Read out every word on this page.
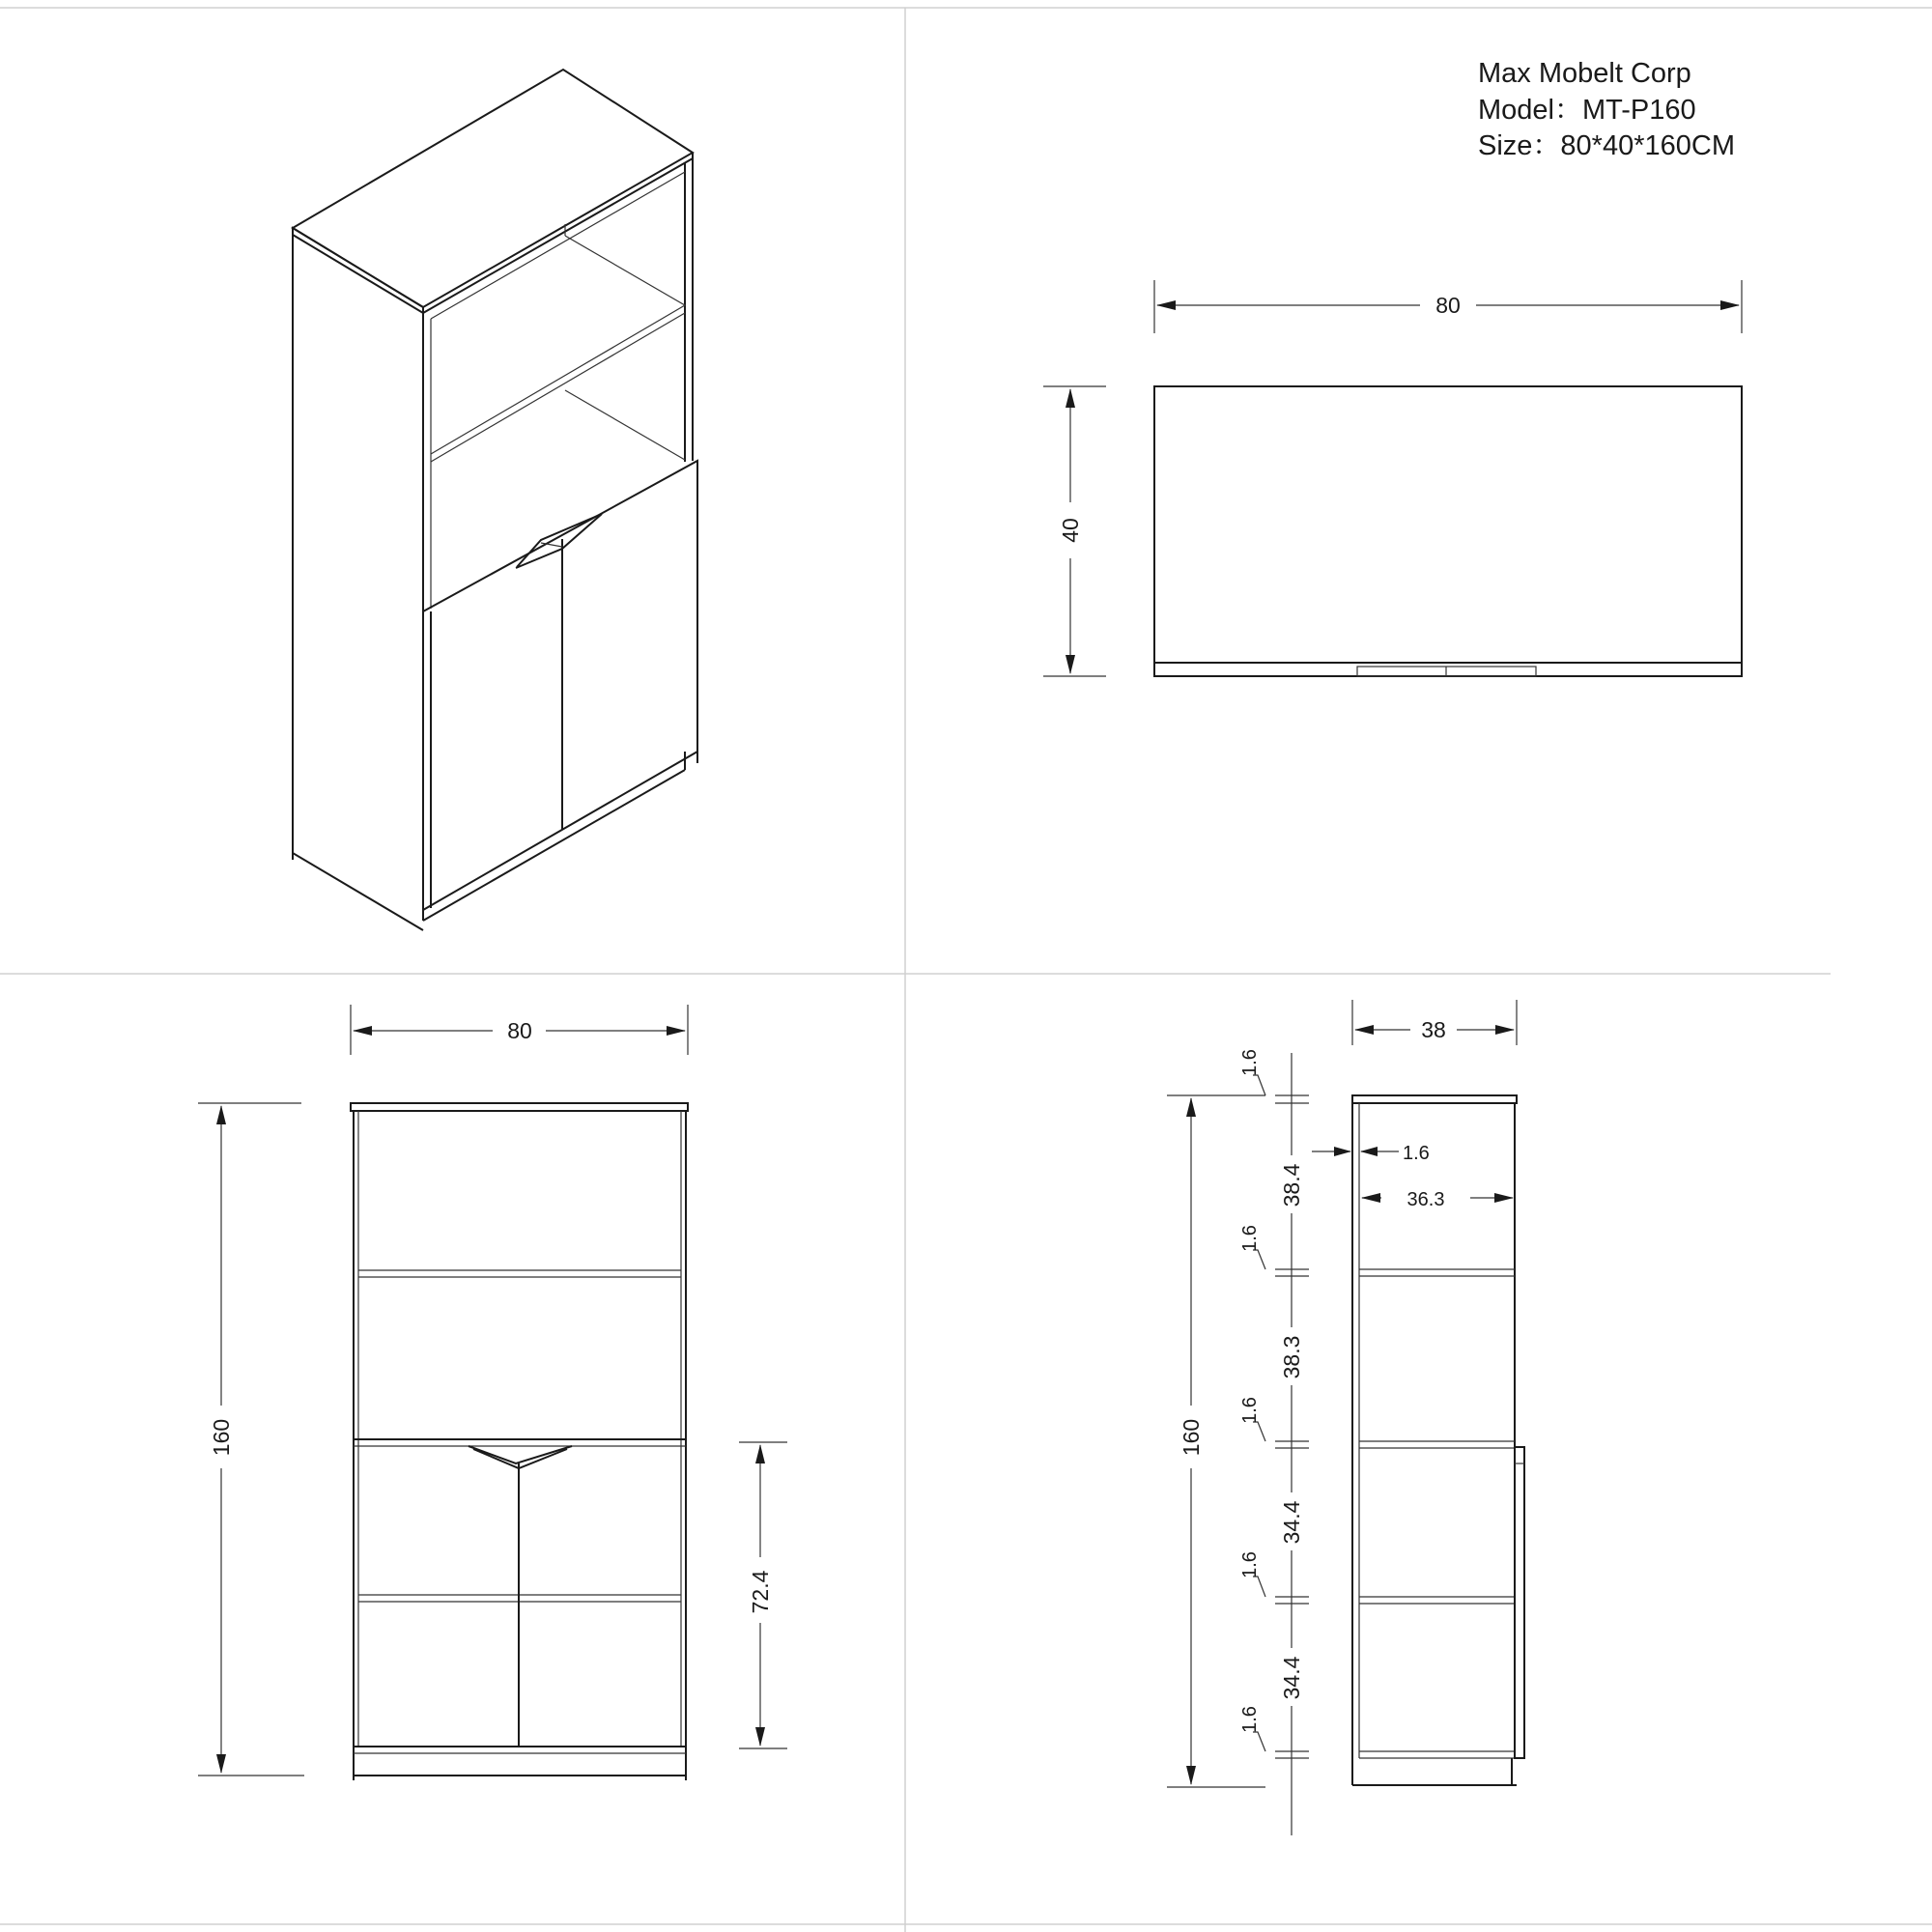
Max Mobelt Corp
Model：MT-P160
Size：80*40*160CM
80
40
80
160
72.4
38
1.6
36.3
160
1.6
1.6
1.6
1.6
1.6
38.4
38.3
34.4
34.4
